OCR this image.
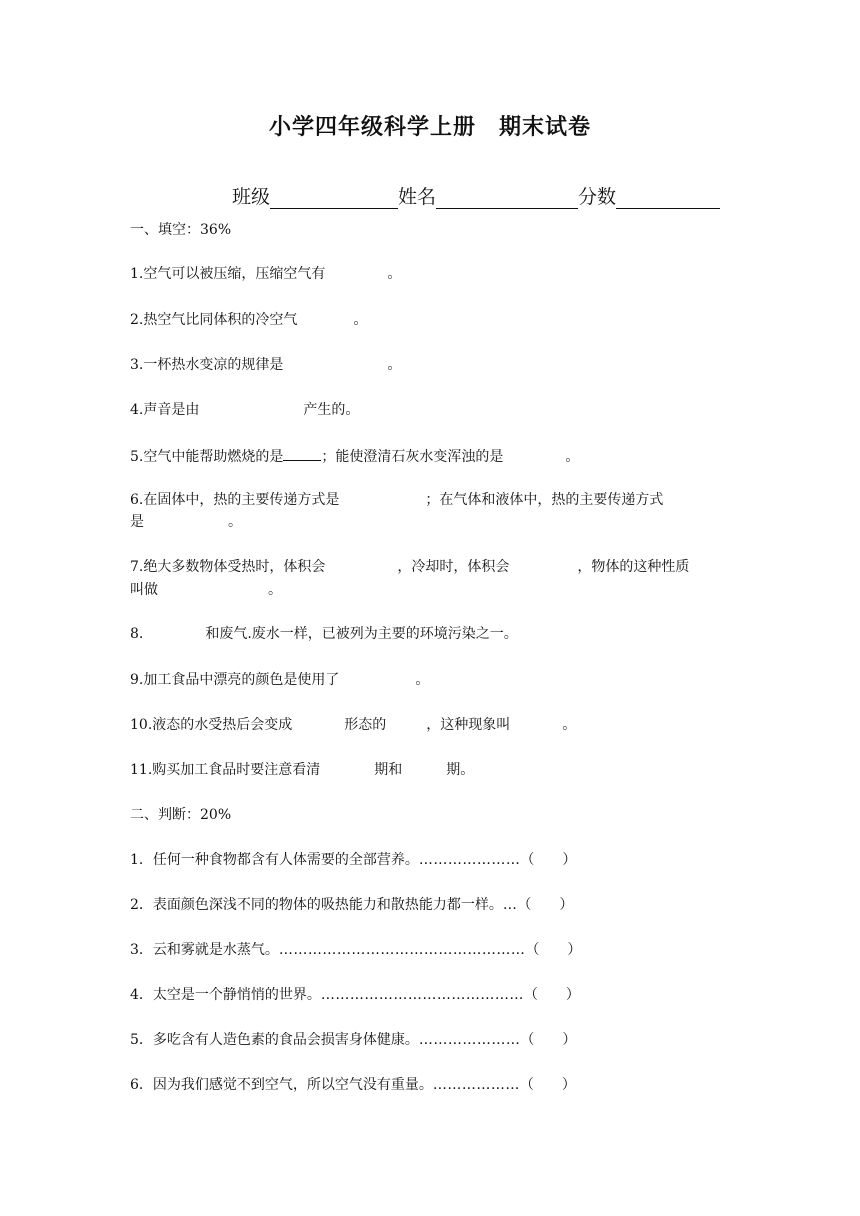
小学四年级科学上册　期末试卷
班级	姓名	分数
一、填空：36%
1.空气可以被压缩，压缩空气有	。
2.热空气比同体积的冷空气	。
3.一杯热水变凉的规律是	。
4.声音是由	产生的。
5.空气中能帮助燃烧的是	；能使澄清石灰水变浑浊的是	。
6.在固体中，热的主要传递方式是	；在气体和液体中，热的主要传递方式
是	。
7.绝大多数物体受热时，体积会	，冷却时，体积会	，物体的这种性质
叫做	。
8.	和废气.废水一样，已被列为主要的环境污染之一。
9.加工食品中漂亮的颜色是使用了	。
10.液态的水受热后会变成	形态的	，这种现象叫	。
11.购买加工食品时要注意看清	期和	期。
二、判断：20%
1．任何一种食物都含有人体需要的全部营养。…………………（　　）
2．表面颜色深浅不同的物体的吸热能力和散热能力都一样。…（　　）
3．云和雾就是水蒸气。……………………………………………（　　）
4．太空是一个静悄悄的世界。……………………………………（　　）
5．多吃含有人造色素的食品会损害身体健康。…………………（　　）
6．因为我们感觉不到空气，所以空气没有重量。………………（　　）
